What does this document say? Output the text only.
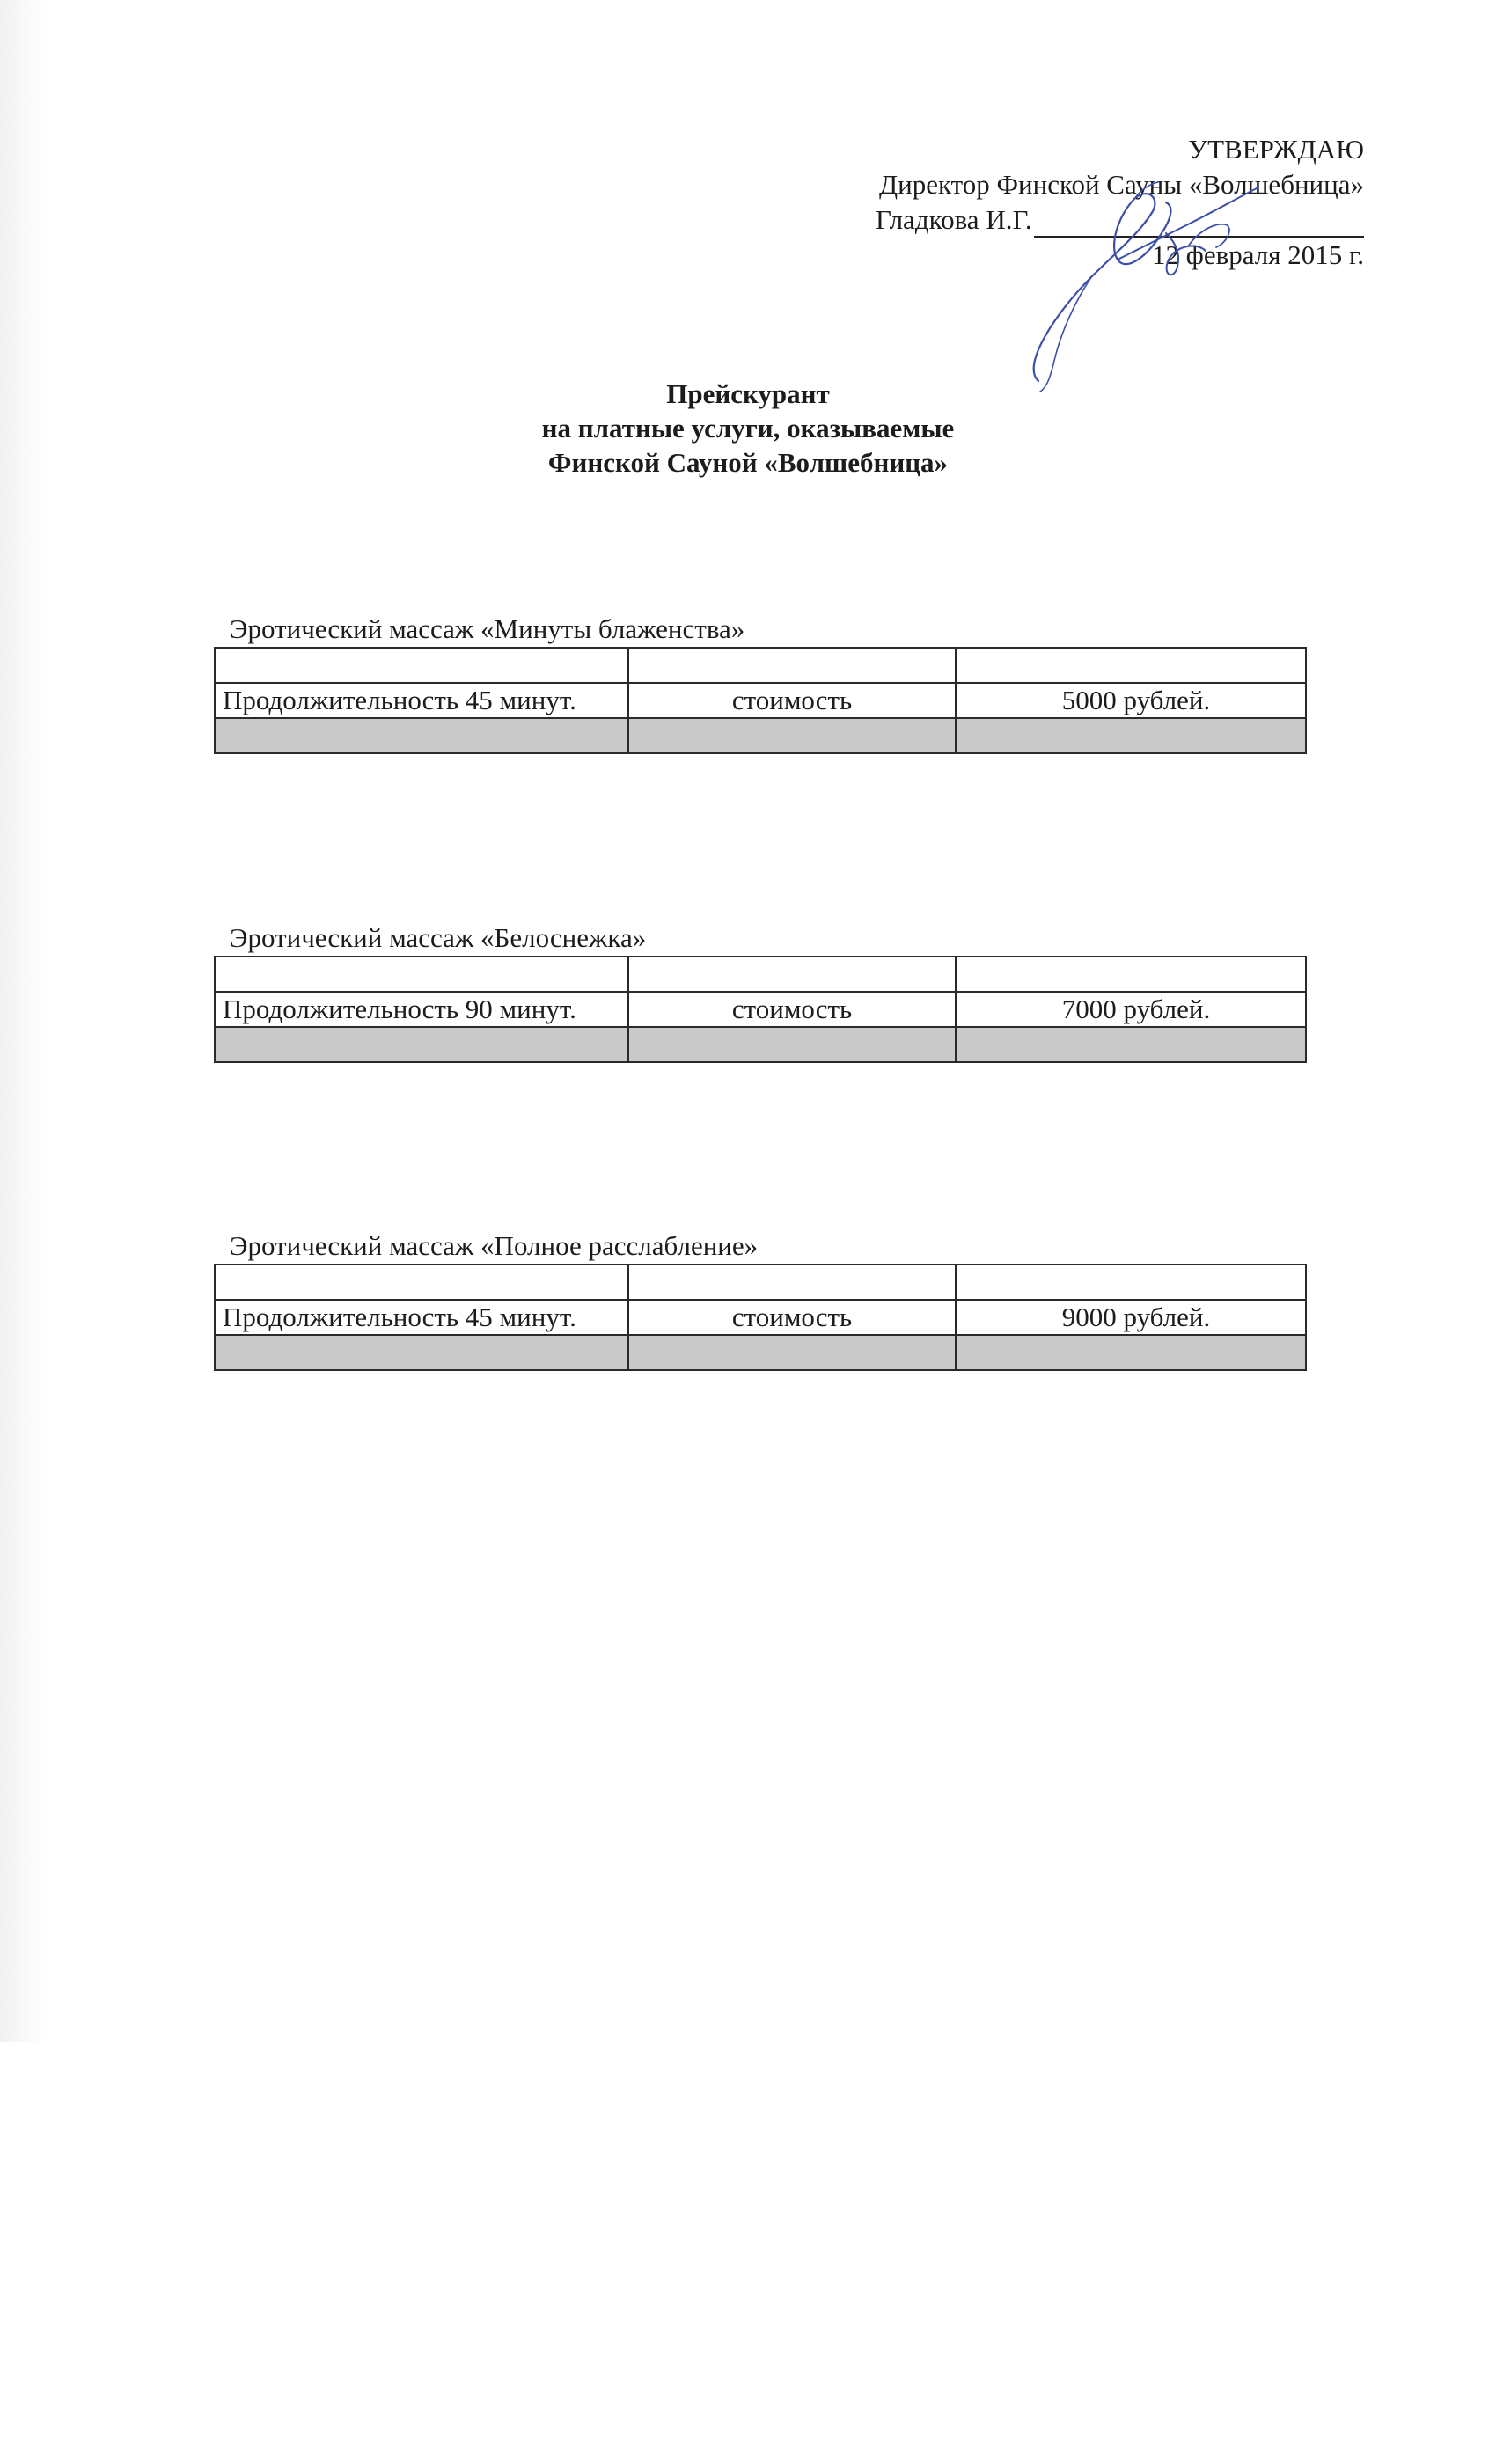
УТВЕРЖДАЮ
Директор Финской Сауны «Волшебница»
Гладкова И.Г.
12 февраля 2015 г.
Прейскурант
на платные услуги, оказываемые
Финской Сауной «Волшебница»
Эротический массаж «Минуты блаженства»

Продолжительность 45 минут.	стоимость	5000 рублей.

Эротический массаж «Белоснежка»

Продолжительность 90 минут.	стоимость	7000 рублей.

Эротический массаж «Полное расслабление»

Продолжительность 45 минут.	стоимость	9000 рублей.
